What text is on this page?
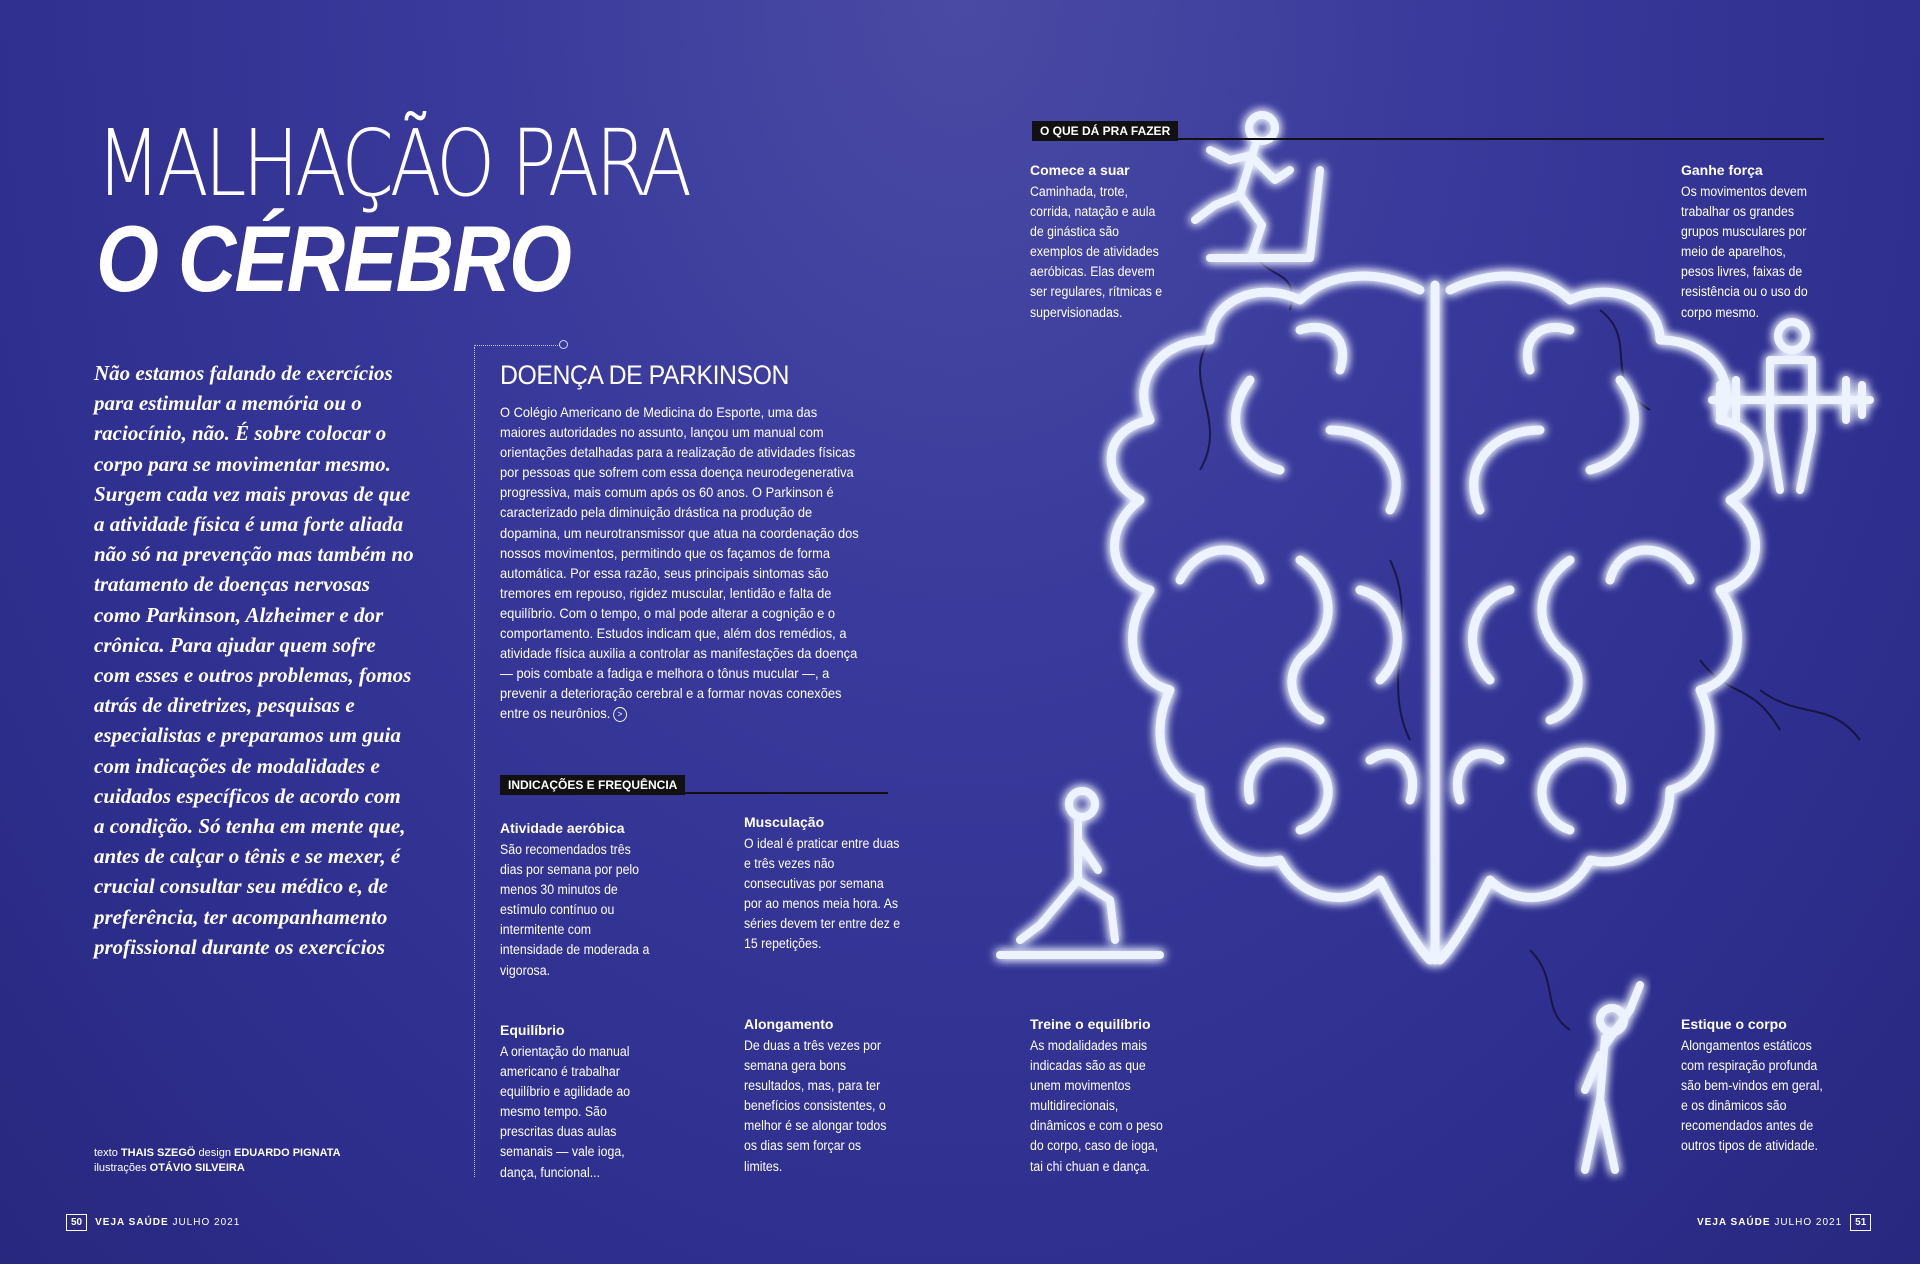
MALHAÇÃO PARA
O CÉREBRO

Não estamos falando de exercícios para estimular a memória ou o raciocínio, não. É sobre colocar o corpo para se movimentar mesmo. Surgem cada vez mais provas de que a atividade física é uma forte aliada não só na prevenção mas também no tratamento de doenças nervosas como Parkinson, Alzheimer e dor crônica. Para ajudar quem sofre com esses e outros problemas, fomos atrás de diretrizes, pesquisas e especialistas e preparamos um guia com indicações de modalidades e cuidados específicos de acordo com a condição. Só tenha em mente que, antes de calçar o tênis e se mexer, é crucial consultar seu médico e, de preferência, ter acompanhamento profissional durante os exercícios

texto THAIS SZEGÖ design EDUARDO PIGNATA
ilustrações OTÁVIO SILVEIRA
DOENÇA DE PARKINSON
O Colégio Americano de Medicina do Esporte, uma das maiores autoridades no assunto, lançou um manual com orientações detalhadas para a realização de atividades físicas por pessoas que sofrem com essa doença neurodegenerativa progressiva, mais comum após os 60 anos. O Parkinson é caracterizado pela diminuição drástica na produção de dopamina, um neurotransmissor que atua na coordenação dos nossos movimentos, permitindo que os façamos de forma automática. Por essa razão, seus principais sintomas são tremores em repouso, rigidez muscular, lentidão e falta de equilíbrio. Com o tempo, o mal pode alterar a cognição e o comportamento. Estudos indicam que, além dos remédios, a atividade física auxilia a controlar as manifestações da doença — pois combate a fadiga e melhora o tônus mucular —, a prevenir a deterioração cerebral e a formar novas conexões entre os neurônios. >
INDICAÇÕES E FREQUÊNCIA
Atividade aeróbica
São recomendados três dias por semana por pelo menos 30 minutos de estímulo contínuo ou intermitente com intensidade de moderada a vigorosa.
Musculação
O ideal é praticar entre duas e três vezes não consecutivas por semana por ao menos meia hora. As séries devem ter entre dez e 15 repetições.
Equilíbrio
A orientação do manual americano é trabalhar equilíbrio e agilidade ao mesmo tempo. São prescritas duas aulas semanais — vale ioga, dança, funcional...
Alongamento
De duas a três vezes por semana gera bons resultados, mas, para ter benefícios consistentes, o melhor é se alongar todos os dias sem forçar os limites.
O QUE DÁ PRA FAZER
Comece a suar
Caminhada, trote, corrida, natação e aula de ginástica são exemplos de atividades aeróbicas. Elas devem ser regulares, rítmicas e supervisionadas.
Ganhe força
Os movimentos devem trabalhar os grandes grupos musculares por meio de aparelhos, pesos livres, faixas de resistência ou o uso do corpo mesmo.
Treine o equilíbrio
As modalidades mais indicadas são as que unem movimentos multidirecionais, dinâmicos e com o peso do corpo, caso de ioga, tai chi chuan e dança.
Estique o corpo
Alongamentos estáticos com respiração profunda são bem-vindos em geral, e os dinâmicos são recomendados antes de outros tipos de atividade.
50	VEJA SAÚDE JULHO 2021	VEJA SAÚDE JULHO 2021	51
